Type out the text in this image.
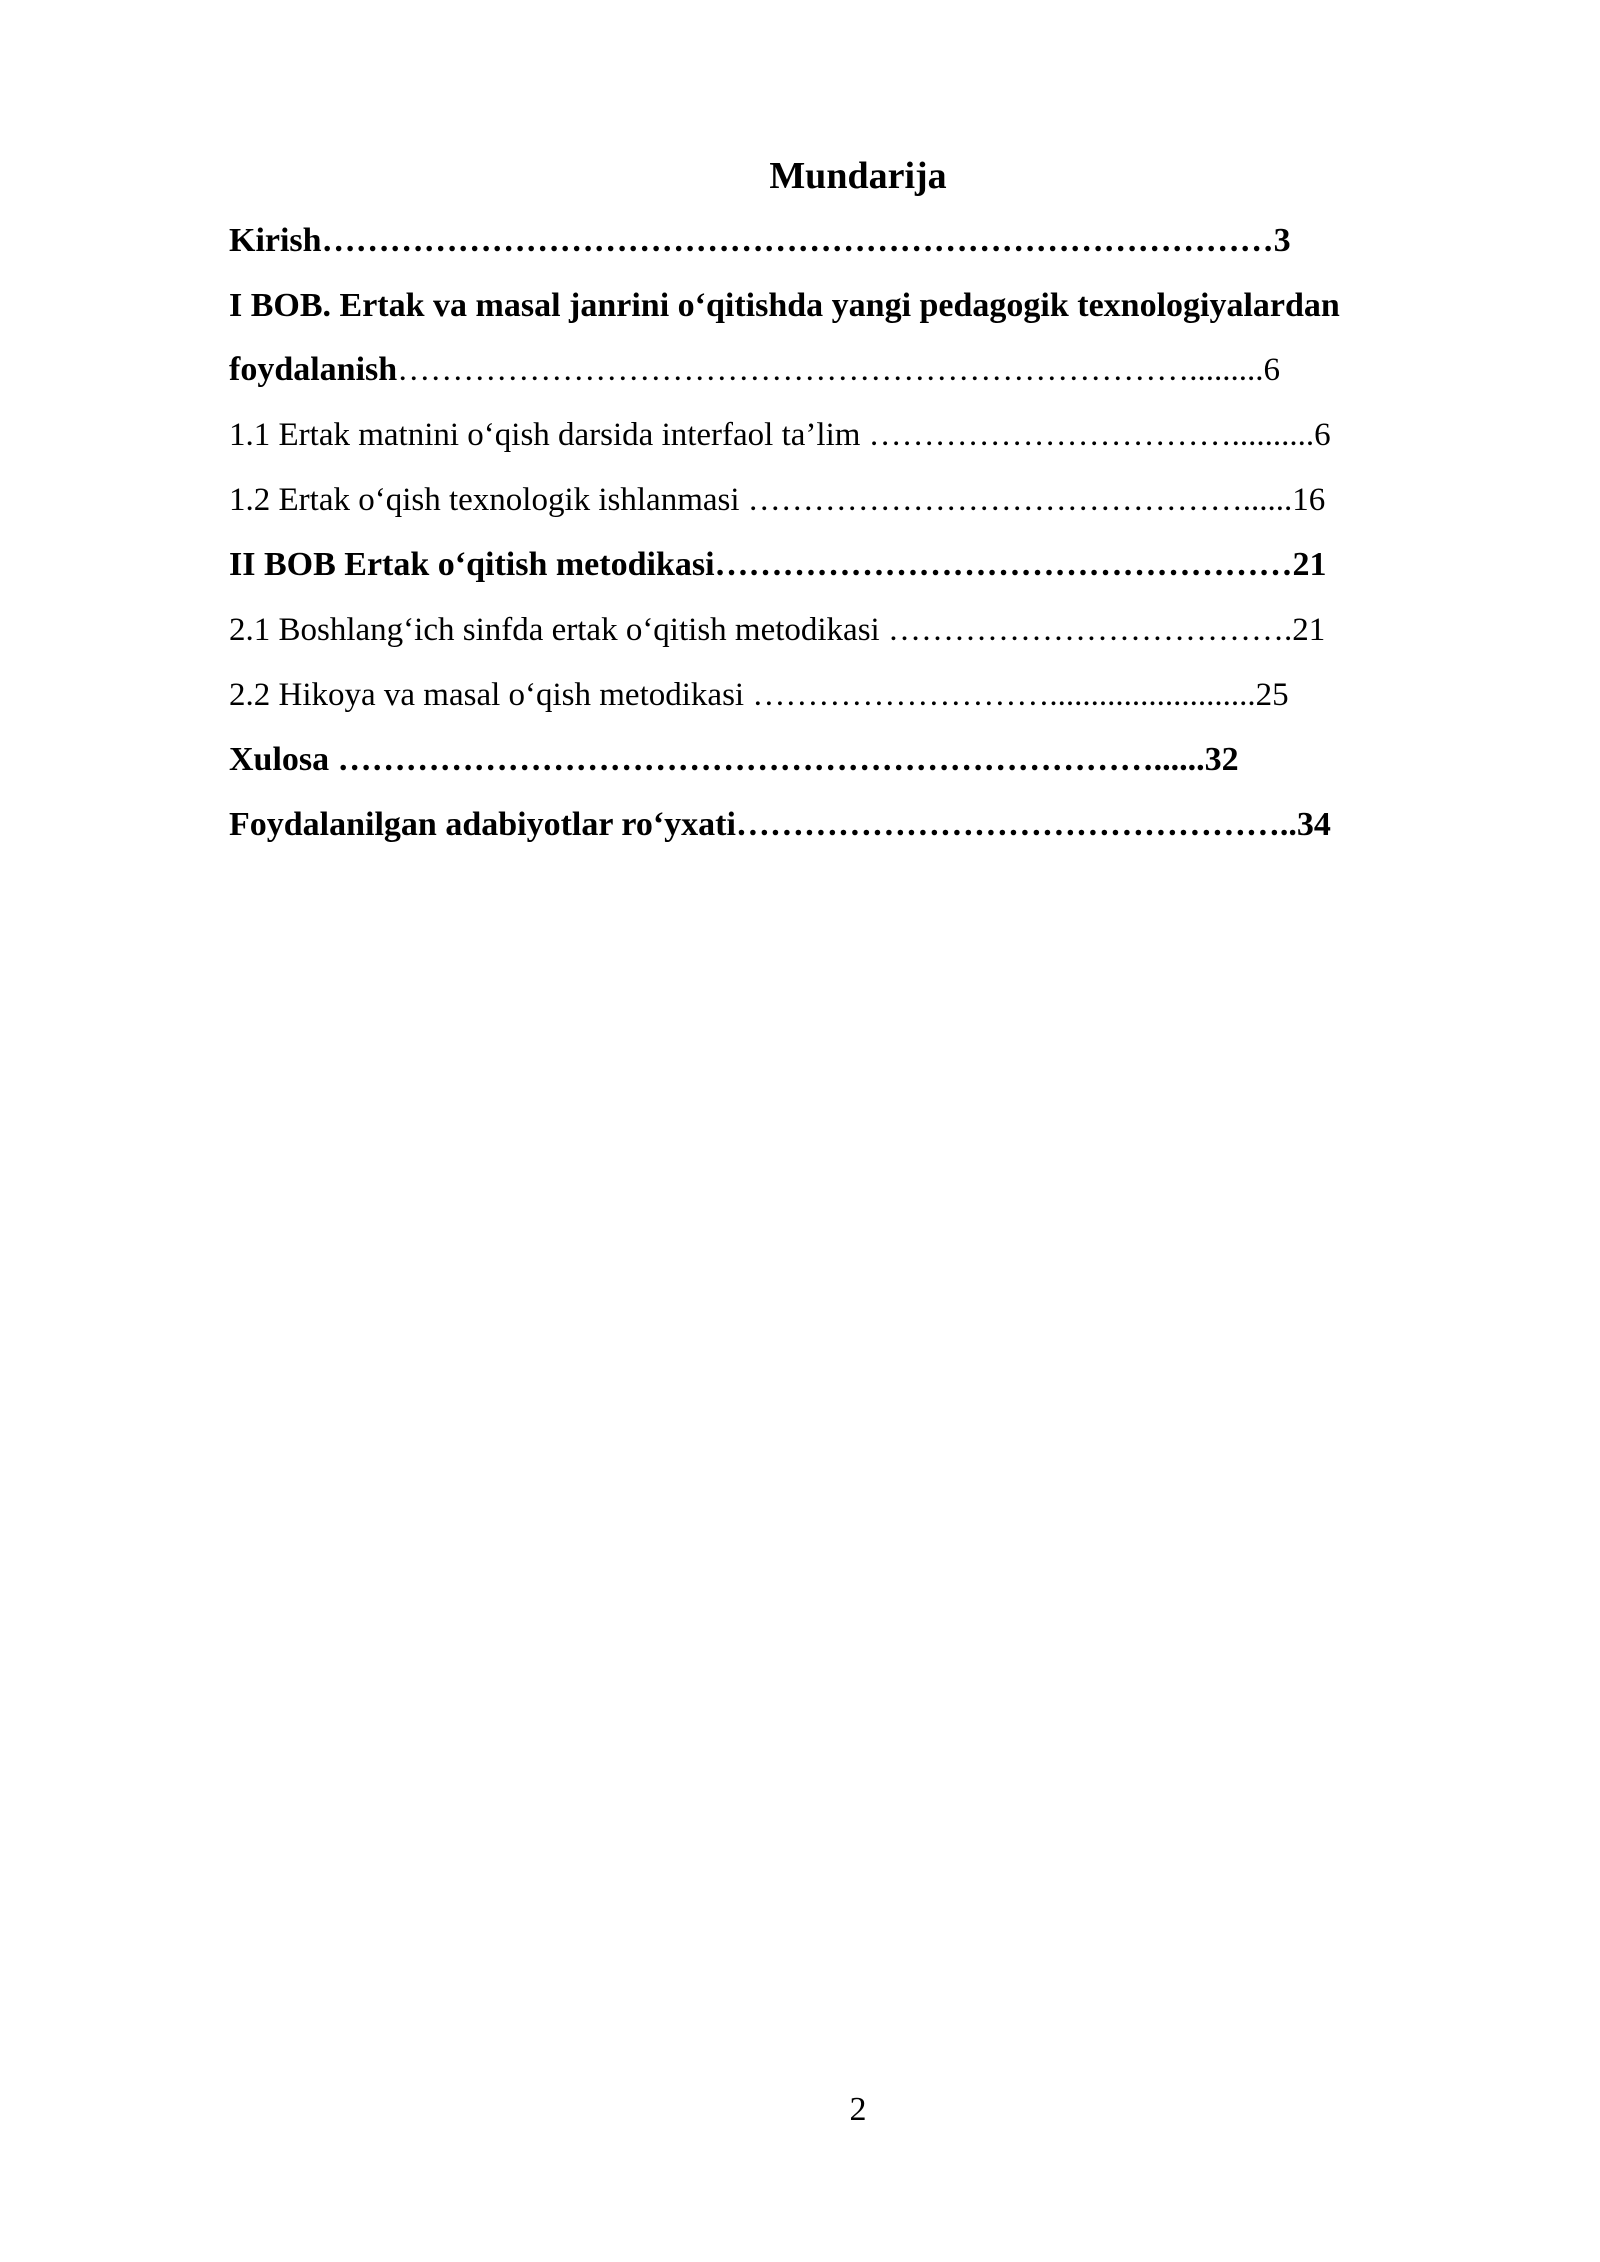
Mundarija
Kirish…………………………………………………………………………3
I BOB. Ertak va masal janrini o‘qitishda yangi pedagogik texnologiyalardan
foydalanish……………………………………………………………….........6
1.1 Ertak matnini o‘qish darsida interfaol ta’lim ……………………………..........6
1.2 Ertak o‘qish texnologik ishlanmasi ………………………………………......16
II BOB Ertak o‘qitish metodikasi……………………………………………21
2.1 Boshlang‘ich sinfda ertak o‘qitish metodikasi ……………………………….21
2.2 Hikoya va masal o‘qish metodikasi ……………………….........................25
Xulosa ………………………………………………………………......32
Foydalanilgan adabiyotlar ro‘yxati…………………………………………..34
2
